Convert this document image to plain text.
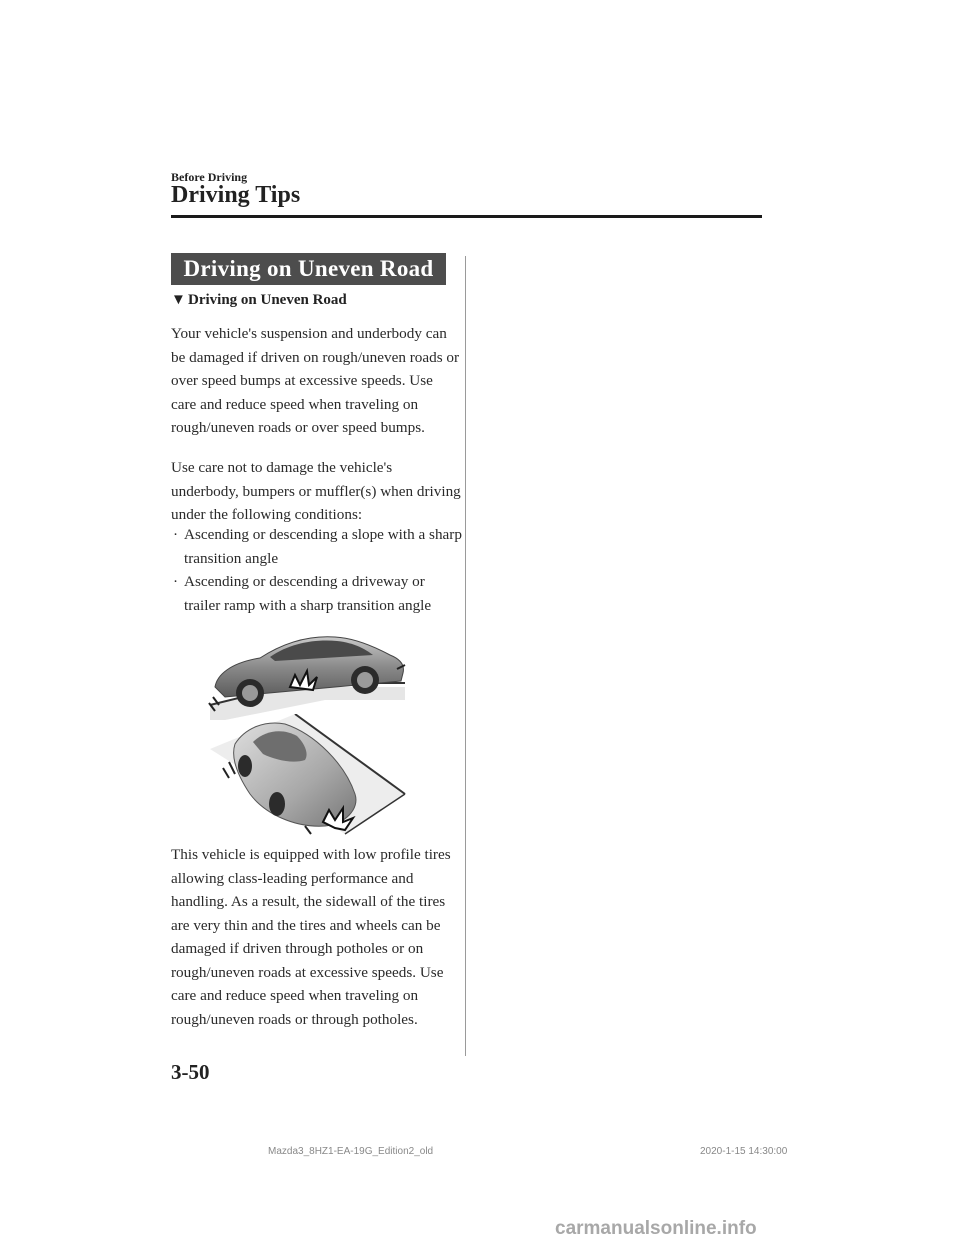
Before Driving
Driving Tips
Driving on Uneven Road
▼ Driving on Uneven Road

Your vehicle's suspension and underbody can be damaged if driven on rough/uneven roads or over speed bumps at excessive speeds. Use care and reduce speed when traveling on rough/uneven roads or over speed bumps.

Use care not to damage the vehicle's underbody, bumpers or muffler(s) when driving under the following conditions:

· Ascending or descending a slope with a sharp transition angle
· Ascending or descending a driveway or trailer ramp with a sharp transition angle

This vehicle is equipped with low profile tires allowing class-leading performance and handling. As a result, the sidewall of the tires are very thin and the tires and wheels can be damaged if driven through potholes or on rough/uneven roads at excessive speeds. Use care and reduce speed when traveling on rough/uneven roads or through potholes.

3-50
Mazda3_8HZ1-EA-19G_Edition2_old	2020-1-15 14:30:00
carmanualsonline.info
